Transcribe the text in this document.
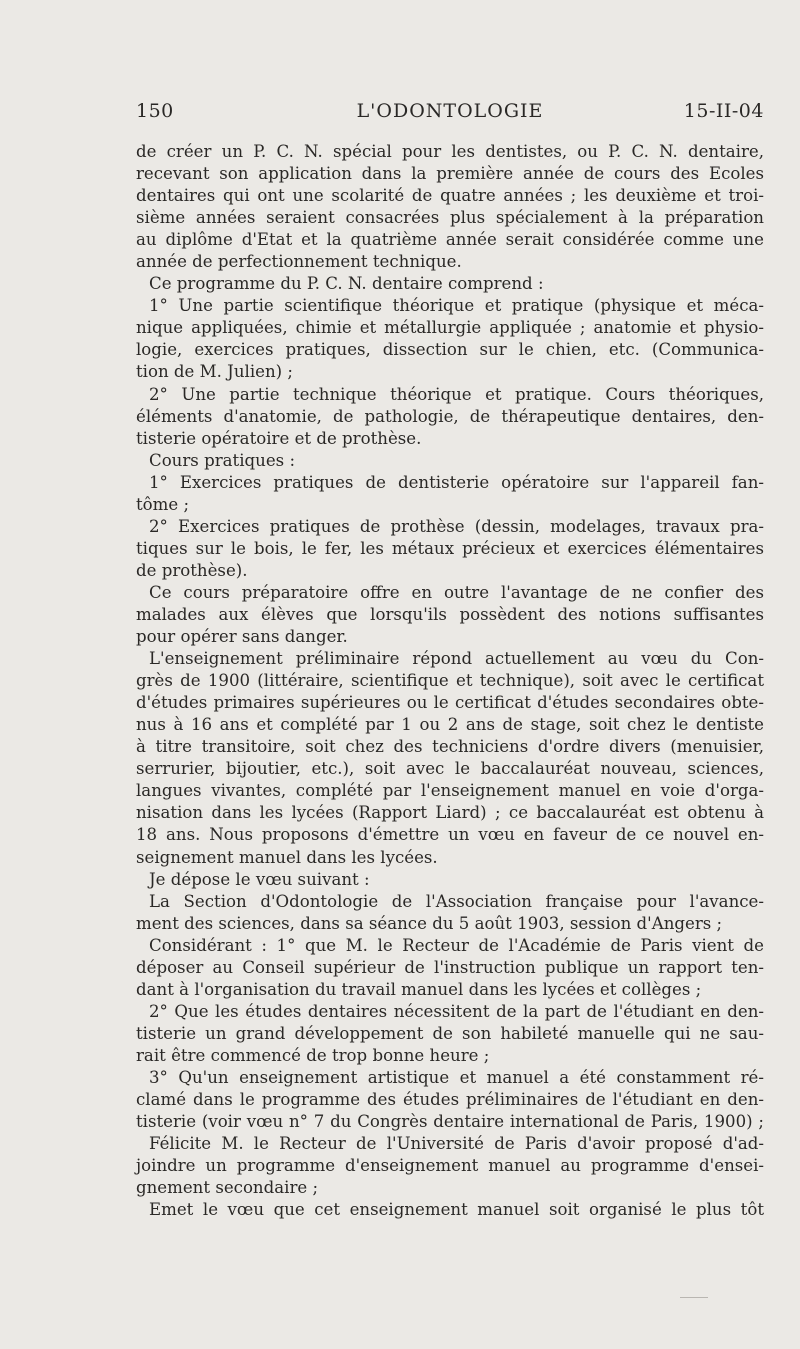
150	L'ODONTOLOGIE	15-II-04
de créer un P. C. N. spécial pour les dentistes, ou P. C. N. dentaire,
recevant son application dans la première année de cours des Ecoles
dentaires qui ont une scolarité de quatre années ; les deuxième et troi-
sième années seraient consacrées plus spécialement à la préparation
au diplôme d'Etat et la quatrième année serait considérée comme une
année de perfectionnement technique.
Ce programme du P. C. N. dentaire comprend :
1° Une partie scientifique théorique et pratique (physique et méca-
nique appliquées, chimie et métallurgie appliquée ; anatomie et physio-
logie, exercices pratiques, dissection sur le chien, etc. (Communica-
tion de M. Julien) ;
2° Une partie technique théorique et pratique. Cours théoriques,
éléments d'anatomie, de pathologie, de thérapeutique dentaires, den-
tisterie opératoire et de prothèse.
Cours pratiques :
1° Exercices pratiques de dentisterie opératoire sur l'appareil fan-
tôme ;
2° Exercices pratiques de prothèse (dessin, modelages, travaux pra-
tiques sur le bois, le fer, les métaux précieux et exercices élémentaires
de prothèse).
Ce cours préparatoire offre en outre l'avantage de ne confier des
malades aux élèves que lorsqu'ils possèdent des notions suffisantes
pour opérer sans danger.
L'enseignement préliminaire répond actuellement au vœu du Con-
grès de 1900 (littéraire, scientifique et technique), soit avec le certificat
d'études primaires supérieures ou le certificat d'études secondaires obte-
nus à 16 ans et complété par 1 ou 2 ans de stage, soit chez le dentiste
à titre transitoire, soit chez des techniciens d'ordre divers (menuisier,
serrurier, bijoutier, etc.), soit avec le baccalauréat nouveau, sciences,
langues vivantes, complété par l'enseignement manuel en voie d'orga-
nisation dans les lycées (Rapport Liard) ; ce baccalauréat est obtenu à
18 ans. Nous proposons d'émettre un vœu en faveur de ce nouvel en-
seignement manuel dans les lycées.
Je dépose le vœu suivant :
La Section d'Odontologie de l'Association française pour l'avance-
ment des sciences, dans sa séance du 5 août 1903, session d'Angers ;
Considérant : 1° que M. le Recteur de l'Académie de Paris vient de
déposer au Conseil supérieur de l'instruction publique un rapport ten-
dant à l'organisation du travail manuel dans les lycées et collèges ;
2° Que les études dentaires nécessitent de la part de l'étudiant en den-
tisterie un grand développement de son habileté manuelle qui ne sau-
rait être commencé de trop bonne heure ;
3° Qu'un enseignement artistique et manuel a été constamment ré-
clamé dans le programme des études préliminaires de l'étudiant en den-
tisterie (voir vœu n° 7 du Congrès dentaire international de Paris, 1900) ;
Félicite M. le Recteur de l'Université de Paris d'avoir proposé d'ad-
joindre un programme d'enseignement manuel au programme d'ensei-
gnement secondaire ;
Emet le vœu que cet enseignement manuel soit organisé le plus tôt
